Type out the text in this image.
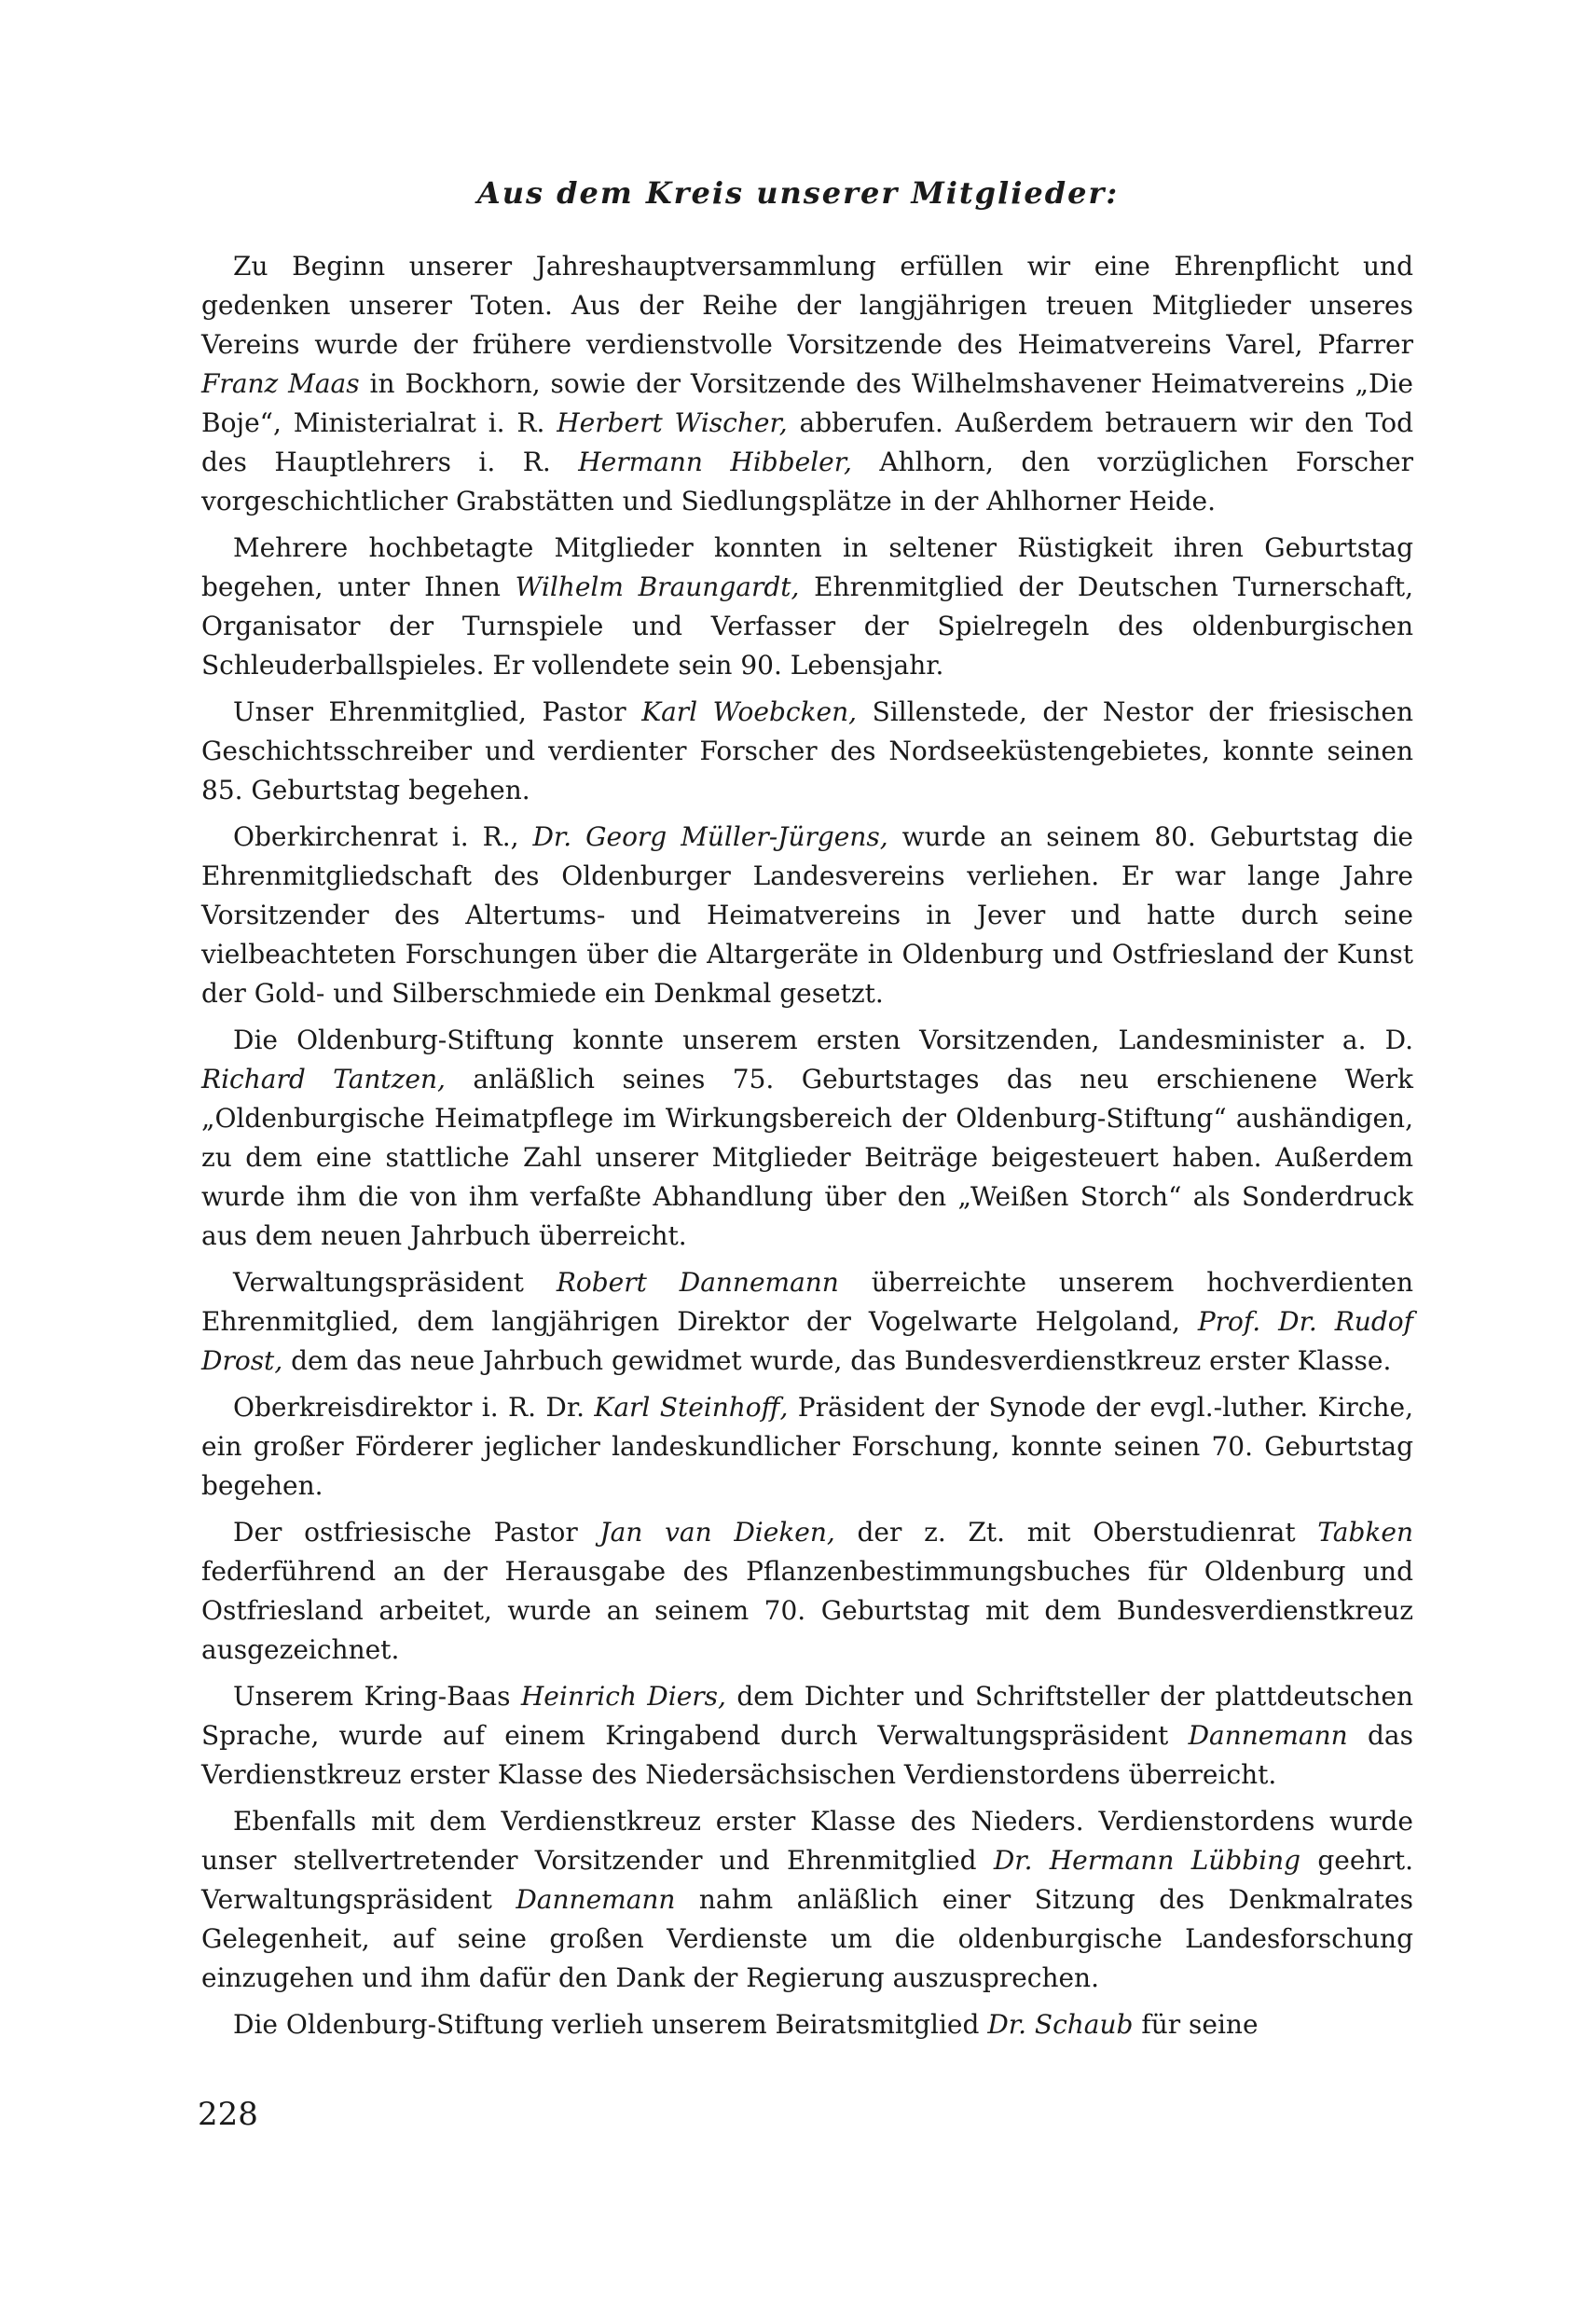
Aus dem Kreis unserer Mitglieder:

Zu Beginn unserer Jahreshauptversammlung erfüllen wir eine Ehrenpflicht und gedenken unserer Toten. Aus der Reihe der langjährigen treuen Mitglieder unseres Vereins wurde der frühere verdienstvolle Vorsitzende des Heimatvereins Varel, Pfarrer Franz Maas in Bockhorn, sowie der Vorsitzende des Wilhelmshavener Heimatvereins „Die Boje“, Ministerialrat i. R. Herbert Wischer, abberufen. Außerdem betrauern wir den Tod des Hauptlehrers i. R. Hermann Hibbeler, Ahlhorn, den vorzüglichen Forscher vorgeschichtlicher Grabstätten und Siedlungsplätze in der Ahlhorner Heide.

Mehrere hochbetagte Mitglieder konnten in seltener Rüstigkeit ihren Geburtstag begehen, unter Ihnen Wilhelm Braungardt, Ehrenmitglied der Deutschen Turnerschaft, Organisator der Turnspiele und Verfasser der Spielregeln des oldenburgischen Schleuderballspieles. Er vollendete sein 90. Lebensjahr.

Unser Ehrenmitglied, Pastor Karl Woebcken, Sillenstede, der Nestor der friesischen Geschichtsschreiber und verdienter Forscher des Nordseeküstengebietes, konnte seinen 85. Geburtstag begehen.

Oberkirchenrat i. R., Dr. Georg Müller-Jürgens, wurde an seinem 80. Geburtstag die Ehrenmitgliedschaft des Oldenburger Landesvereins verliehen. Er war lange Jahre Vorsitzender des Altertums- und Heimatvereins in Jever und hatte durch seine vielbeachteten Forschungen über die Altargeräte in Oldenburg und Ostfriesland der Kunst der Gold- und Silberschmiede ein Denkmal gesetzt.

Die Oldenburg-Stiftung konnte unserem ersten Vorsitzenden, Landesminister a. D. Richard Tantzen, anläßlich seines 75. Geburtstages das neu erschienene Werk „Oldenburgische Heimatpflege im Wirkungsbereich der Oldenburg-Stiftung“ aushändigen, zu dem eine stattliche Zahl unserer Mitglieder Beiträge beigesteuert haben. Außerdem wurde ihm die von ihm verfaßte Abhandlung über den „Weißen Storch“ als Sonderdruck aus dem neuen Jahrbuch überreicht.

Verwaltungspräsident Robert Dannemann überreichte unserem hochverdienten Ehrenmitglied, dem langjährigen Direktor der Vogelwarte Helgoland, Prof. Dr. Rudof Drost, dem das neue Jahrbuch gewidmet wurde, das Bundesverdienstkreuz erster Klasse.

Oberkreisdirektor i. R. Dr. Karl Steinhoff, Präsident der Synode der evgl.-luther. Kirche, ein großer Förderer jeglicher landeskundlicher Forschung, konnte seinen 70. Geburtstag begehen.

Der ostfriesische Pastor Jan van Dieken, der z. Zt. mit Oberstudienrat Tabken federführend an der Herausgabe des Pflanzenbestimmungsbuches für Oldenburg und Ostfriesland arbeitet, wurde an seinem 70. Geburtstag mit dem Bundesverdienstkreuz ausgezeichnet.

Unserem Kring-Baas Heinrich Diers, dem Dichter und Schriftsteller der plattdeutschen Sprache, wurde auf einem Kringabend durch Verwaltungspräsident Dannemann das Verdienstkreuz erster Klasse des Niedersächsischen Verdienstordens überreicht.

Ebenfalls mit dem Verdienstkreuz erster Klasse des Nieders. Verdienstordens wurde unser stellvertretender Vorsitzender und Ehrenmitglied Dr. Hermann Lübbing geehrt. Verwaltungspräsident Dannemann nahm anläßlich einer Sitzung des Denkmalrates Gelegenheit, auf seine großen Verdienste um die oldenburgische Landesforschung einzugehen und ihm dafür den Dank der Regierung auszusprechen.

Die Oldenburg-Stiftung verlieh unserem Beiratsmitglied Dr. Schaub für seine

228
